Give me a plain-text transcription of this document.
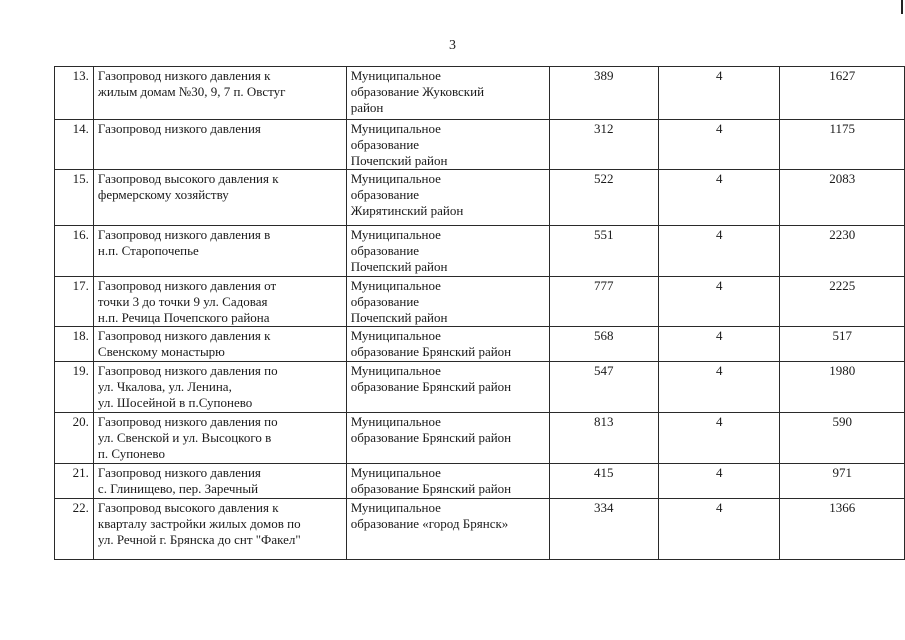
3
13.	Газопровод низкого давления к
жилым домам №30, 9, 7 п. Овстуг	Муниципальное
образование Жуковский
район	389	4	1627
14.	Газопровод низкого давления	Муниципальное
образование
Почепский район	312	4	1175
15.	Газопровод высокого давления к
фермерскому хозяйству	Муниципальное
образование
Жирятинский район	522	4	2083
16.	Газопровод низкого давления в
н.п. Старопочепье	Муниципальное
образование
Почепский район	551	4	2230
17.	Газопровод низкого давления от
точки 3 до точки 9 ул. Садовая
н.п. Речица Почепского района	Муниципальное
образование
Почепский район	777	4	2225
18.	Газопровод низкого давления к
Свенскому монастырю	Муниципальное
образование Брянский район	568	4	517
19.	Газопровод низкого давления по
ул. Чкалова, ул. Ленина,
ул. Шосейной в п.Супонево	Муниципальное
образование Брянский район	547	4	1980
20.	Газопровод низкого давления по
ул. Свенской и ул. Высоцкого в
п. Супонево	Муниципальное
образование Брянский район	813	4	590
21.	Газопровод низкого давления
с. Глинищево, пер. Заречный	Муниципальное
образование Брянский район	415	4	971
22.	Газопровод высокого давления к
кварталу застройки жилых домов по
ул. Речной г. Брянска до снт "Факел"	Муниципальное
образование «город Брянск»	334	4	1366
